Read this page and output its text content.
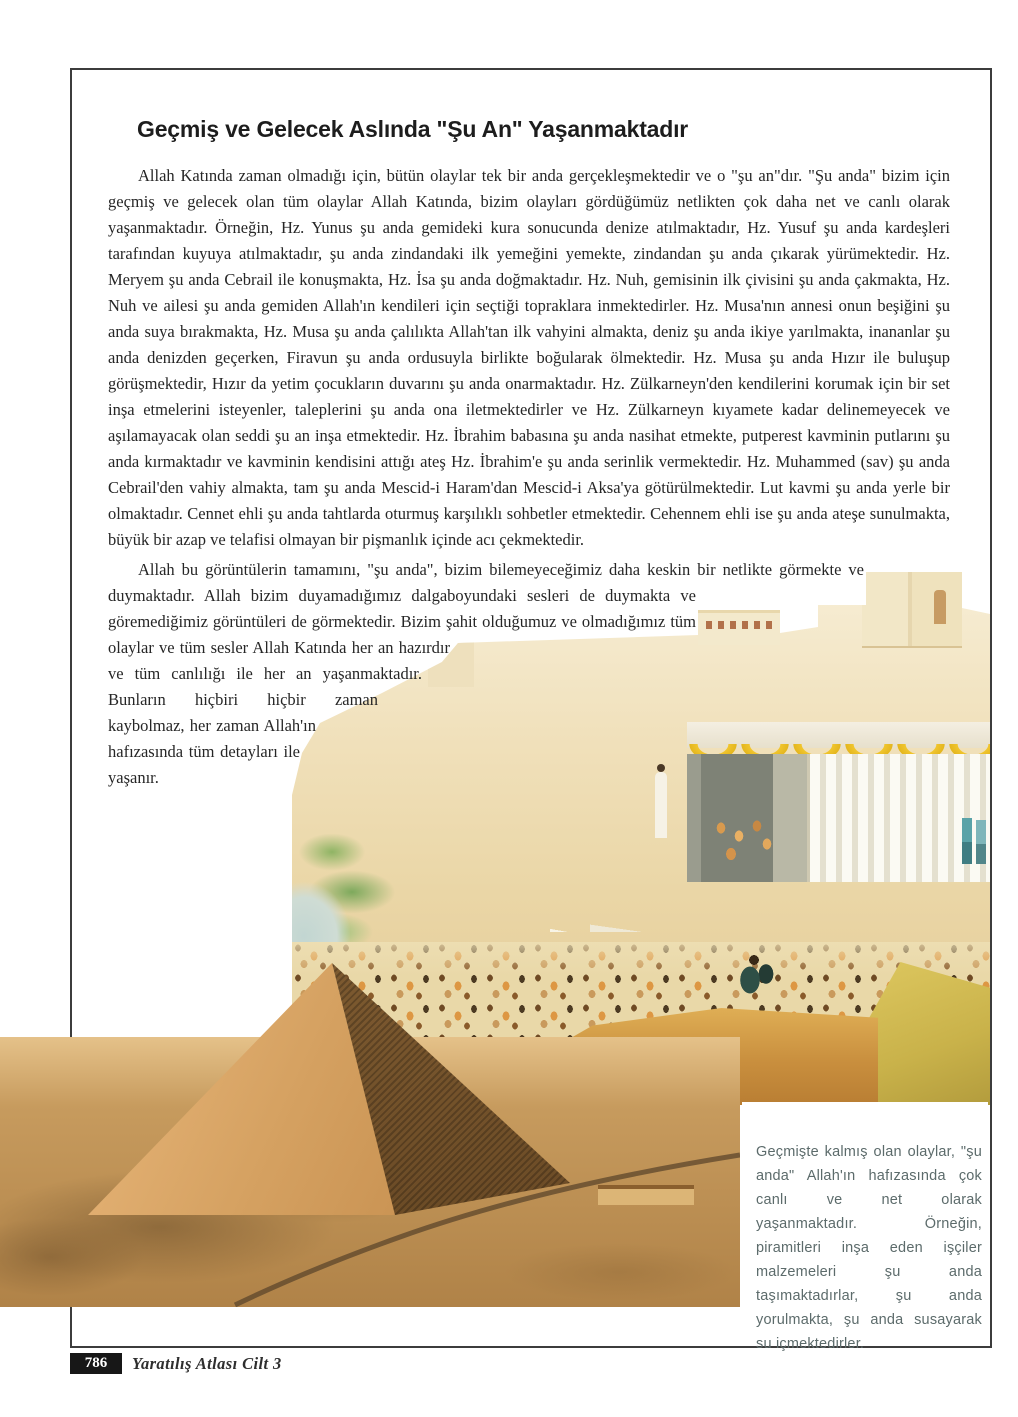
Geçmiş ve Gelecek Aslında "Şu An" Yaşanmaktadır

Allah Katında zaman olmadığı için, bütün olaylar tek bir anda gerçekleşmektedir ve o "şu an"dır. "Şu anda" bizim için geçmiş ve gelecek olan tüm olaylar Allah Katında, bizim olayları gördüğümüz netlikten çok daha net ve canlı olarak yaşanmaktadır. Örneğin, Hz. Yunus şu anda gemideki kura sonucunda denize atılmaktadır, Hz. Yusuf şu anda kardeşleri tarafından kuyuya atılmaktadır, şu anda zindandaki ilk yemeğini yemekte, zindandan şu anda çıkarak yürümektedir. Hz. Meryem şu anda Cebrail ile konuşmakta, Hz. İsa şu anda doğmaktadır. Hz. Nuh, gemisinin ilk çivisini şu anda çakmakta, Hz. Nuh ve ailesi şu anda gemiden Allah'ın kendileri için seçtiği topraklara inmektedirler. Hz. Musa'nın annesi onun beşiğini şu anda suya bırakmakta, Hz. Musa şu anda çalılıkta Allah'tan ilk vahyini almakta, deniz şu anda ikiye yarılmakta, inananlar şu anda denizden geçerken, Firavun şu anda ordusuyla birlikte boğularak ölmektedir. Hz. Musa şu anda Hızır ile buluşup görüşmektedir, Hızır da yetim çocukların duvarını şu anda onarmaktadır. Hz. Zülkarneyn'den kendilerini korumak için bir set inşa etmelerini isteyenler, taleplerini şu anda ona iletmektedirler ve Hz. Zülkarneyn kıyamete kadar delinemeyecek ve aşılamayacak olan seddi şu an inşa etmektedir. Hz. İbrahim babasına şu anda nasihat etmekte, putperest kavminin putlarını şu anda kırmaktadır ve kavminin kendisini attığı ateş Hz. İbrahim'e şu anda serinlik vermektedir. Hz. Muhammed (sav) şu anda Cebrail'den vahiy almakta, tam şu anda Mescid-i Haram'dan Mescid-i Aksa'ya götürülmektedir. Lut kavmi şu anda yerle bir olmaktadır. Cennet ehli şu anda tahtlarda oturmuş karşılıklı sohbetler etmektedir. Cehennem ehli ise şu anda ateşe sunulmakta, büyük bir azap ve telafisi olmayan bir pişmanlık içinde acı çekmektedir.

Allah bu görüntülerin tamamını, "şu anda", bizim bilemeyeceğimiz daha keskin bir netlikte görmekte ve duymaktadır. Allah bizim duyamadığımız dalgaboyundaki sesleri de duymakta ve göremediğimiz görüntüleri de görmektedir. Bizim şahit olduğumuz ve olmadığımız tüm olaylar ve tüm sesler Allah Katında her an hazırdır ve tüm canlılığı ile her an yaşanmaktadır. Bunların hiçbiri hiçbir zaman kaybolmaz, her zaman Allah'ın hafızasında tüm detayları ile yaşanır.

Geçmişte kalmış olan olaylar, "şu anda" Allah'ın hafızasında çok canlı ve net olarak yaşanmaktadır. Örneğin, piramitleri inşa eden işçiler malzemeleri şu anda taşımaktadırlar, şu anda yorulmakta, şu anda susayarak su içmektedirler.
786	Yaratılış Atlası Cilt 3
